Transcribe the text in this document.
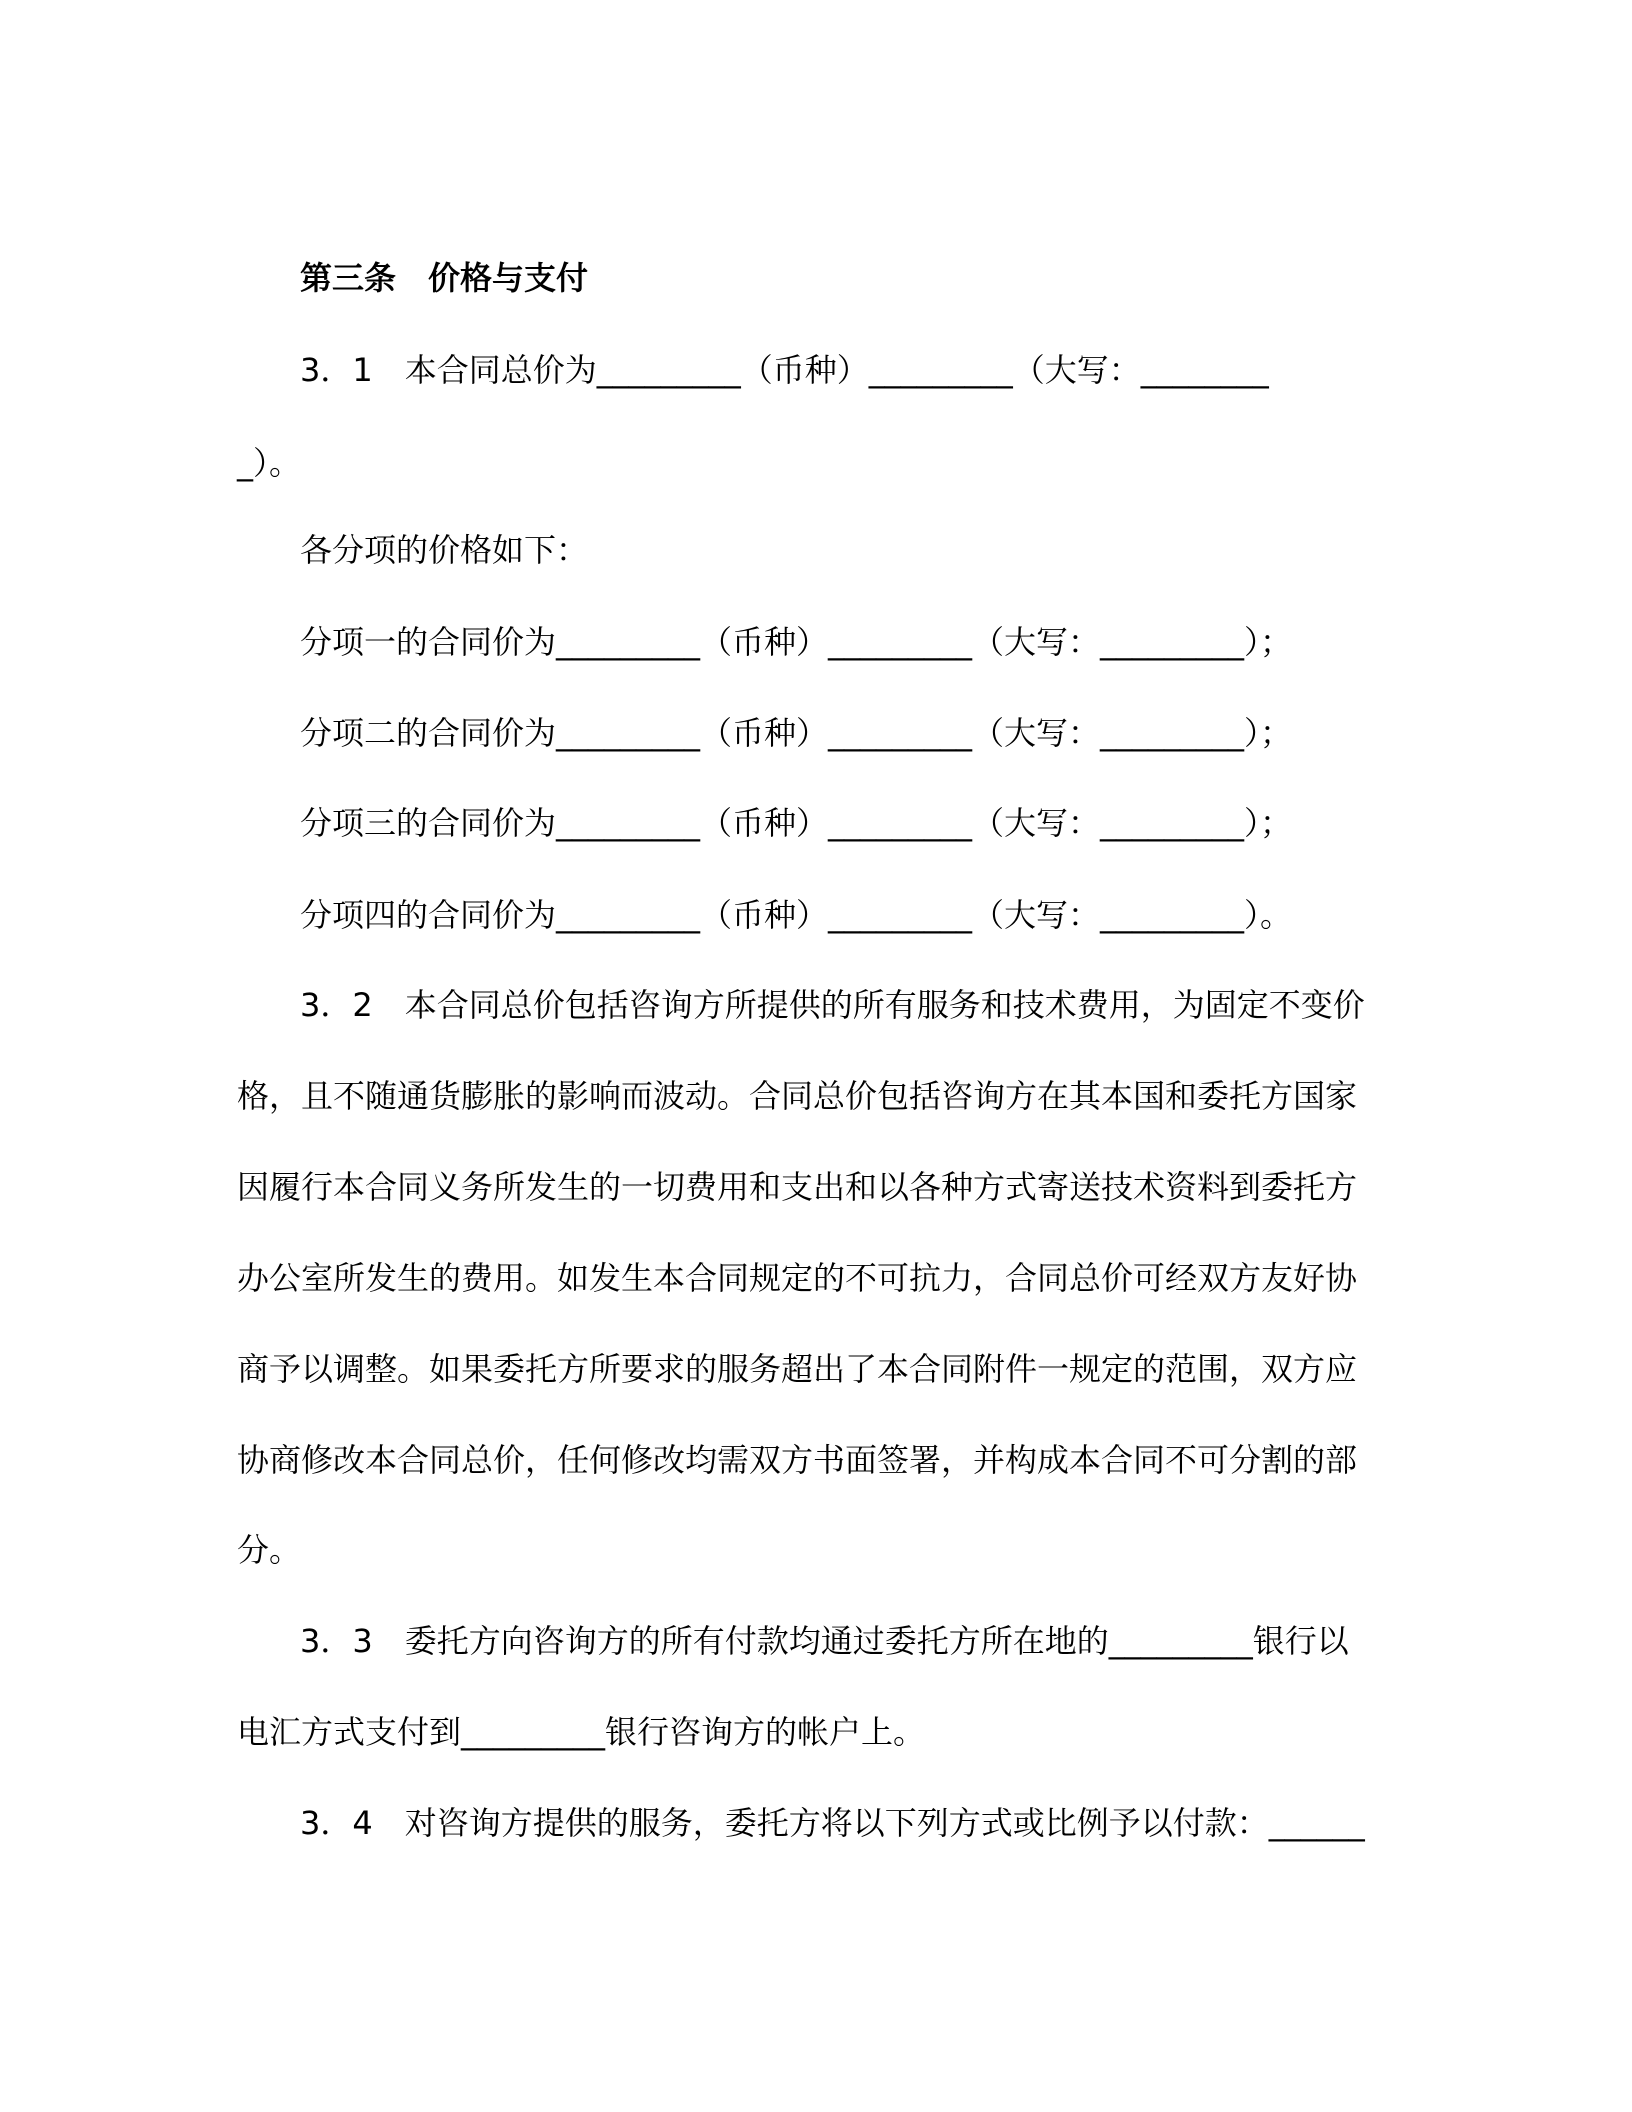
第三条　价格与支付
3．1　本合同总价为_________（币种）_________（大写：________
_）。
各分项的价格如下：
分项一的合同价为_________（币种）_________（大写：_________）；
分项二的合同价为_________（币种）_________（大写：_________）；
分项三的合同价为_________（币种）_________（大写：_________）；
分项四的合同价为_________（币种）_________（大写：_________）。
3．2　本合同总价包括咨询方所提供的所有服务和技术费用，为固定不变价
格，且不随通货膨胀的影响而波动。合同总价包括咨询方在其本国和委托方国家
因履行本合同义务所发生的一切费用和支出和以各种方式寄送技术资料到委托方
办公室所发生的费用。如发生本合同规定的不可抗力，合同总价可经双方友好协
商予以调整。如果委托方所要求的服务超出了本合同附件一规定的范围，双方应
协商修改本合同总价，任何修改均需双方书面签署，并构成本合同不可分割的部
分。
3．3　委托方向咨询方的所有付款均通过委托方所在地的_________银行以
电汇方式支付到_________银行咨询方的帐户上。
3．4　对咨询方提供的服务，委托方将以下列方式或比例予以付款：______
